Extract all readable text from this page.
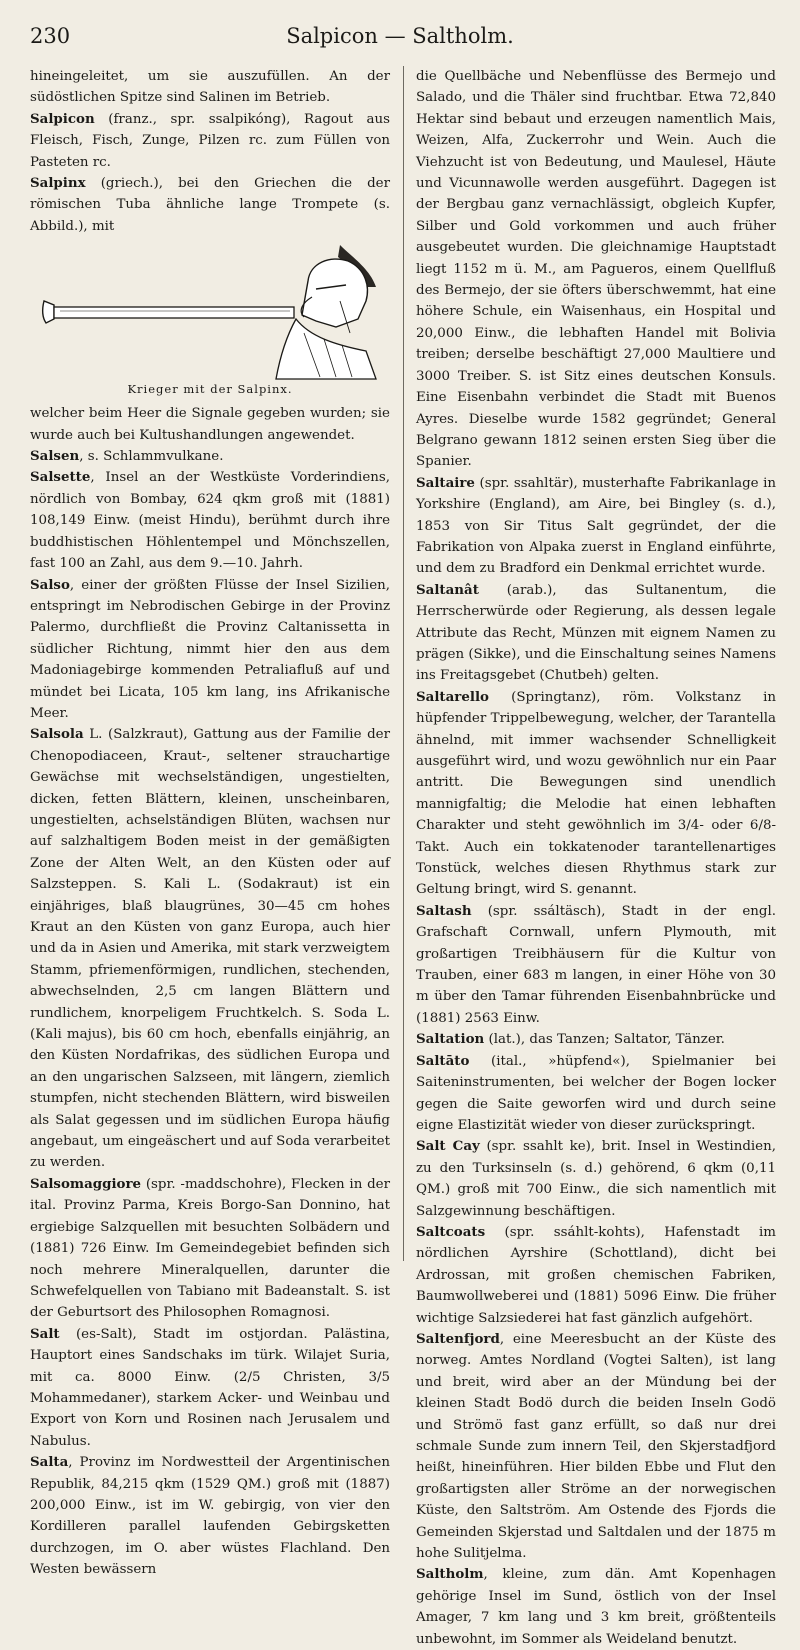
230	Salpicon — Saltholm.

hineingeleitet, um sie auszufüllen. An der südöstlichen Spitze sind Salinen im Betrieb.

Salpicon (franz., spr. ssalpikóng), Ragout aus Fleisch, Fisch, Zunge, Pilzen rc. zum Füllen von Pasteten rc.

Salpinx (griech.), bei den Griechen die der römischen Tuba ähnliche lange Trompete (s. Abbild.), mit

Krieger mit der Salpinx.

welcher beim Heer die Signale gegeben wurden; sie wurde auch bei Kultushandlungen angewendet.

Salsen, s. Schlammvulkane.

Salsette, Insel an der Westküste Vorderindiens, nördlich von Bombay, 624 qkm groß mit (1881) 108,149 Einw. (meist Hindu), berühmt durch ihre buddhistischen Höhlentempel und Mönchszellen, fast 100 an Zahl, aus dem 9.—10. Jahrh.

Salso, einer der größten Flüsse der Insel Sizilien, entspringt im Nebrodischen Gebirge in der Provinz Palermo, durchfließt die Provinz Caltanissetta in südlicher Richtung, nimmt hier den aus dem Madoniagebirge kommenden Petraliafluß auf und mündet bei Licata, 105 km lang, ins Afrikanische Meer.

Salsola L. (Salzkraut), Gattung aus der Familie der Chenopodiaceen, Kraut-, seltener strauchartige Gewächse mit wechselständigen, ungestielten, dicken, fetten Blättern, kleinen, unscheinbaren, ungestielten, achselständigen Blüten, wachsen nur auf salzhaltigem Boden meist in der gemäßigten Zone der Alten Welt, an den Küsten oder auf Salzsteppen. S. Kali L. (Sodakraut) ist ein einjähriges, blaß blaugrünes, 30—45 cm hohes Kraut an den Küsten von ganz Europa, auch hier und da in Asien und Amerika, mit stark verzweigtem Stamm, pfriemenförmigen, rundlichen, stechenden, abwechselnden, 2,5 cm langen Blättern und rundlichem, knorpeligem Fruchtkelch. S. Soda L. (Kali majus), bis 60 cm hoch, ebenfalls einjährig, an den Küsten Nordafrikas, des südlichen Europa und an den ungarischen Salzseen, mit längern, ziemlich stumpfen, nicht stechenden Blättern, wird bisweilen als Salat gegessen und im südlichen Europa häufig angebaut, um eingeäschert und auf Soda verarbeitet zu werden.

Salsomaggiore (spr. -maddschohre), Flecken in der ital. Provinz Parma, Kreis Borgo-San Donnino, hat ergiebige Salzquellen mit besuchten Solbädern und (1881) 726 Einw. Im Gemeindegebiet befinden sich noch mehrere Mineralquellen, darunter die Schwefelquellen von Tabiano mit Badeanstalt. S. ist der Geburtsort des Philosophen Romagnosi.

Salt (es-Salt), Stadt im ostjordan. Palästina, Hauptort eines Sandschaks im türk. Wilajet Suria, mit ca. 8000 Einw. (2/5 Christen, 3/5 Mohammedaner), starkem Acker- und Weinbau und Export von Korn und Rosinen nach Jerusalem und Nabulus.

Salta, Provinz im Nordwestteil der Argentinischen Republik, 84,215 qkm (1529 QM.) groß mit (1887) 200,000 Einw., ist im W. gebirgig, von vier den Kordilleren parallel laufenden Gebirgsketten durchzogen, im O. aber wüstes Flachland. Den Westen bewässern

die Quellbäche und Nebenflüsse des Bermejo und Salado, und die Thäler sind fruchtbar. Etwa 72,840 Hektar sind bebaut und erzeugen namentlich Mais, Weizen, Alfa, Zuckerrohr und Wein. Auch die Viehzucht ist von Bedeutung, und Maulesel, Häute und Vicunnawolle werden ausgeführt. Dagegen ist der Bergbau ganz vernachlässigt, obgleich Kupfer, Silber und Gold vorkommen und auch früher ausgebeutet wurden. Die gleichnamige Hauptstadt liegt 1152 m ü. M., am Pagueros, einem Quellfluß des Bermejo, der sie öfters überschwemmt, hat eine höhere Schule, ein Waisenhaus, ein Hospital und 20,000 Einw., die lebhaften Handel mit Bolivia treiben; derselbe beschäftigt 27,000 Maultiere und 3000 Treiber. S. ist Sitz eines deutschen Konsuls. Eine Eisenbahn verbindet die Stadt mit Buenos Ayres. Dieselbe wurde 1582 gegründet; General Belgrano gewann 1812 seinen ersten Sieg über die Spanier.

Saltaire (spr. ssahltär), musterhafte Fabrikanlage in Yorkshire (England), am Aire, bei Bingley (s. d.), 1853 von Sir Titus Salt gegründet, der die Fabrikation von Alpaka zuerst in England einführte, und dem zu Bradford ein Denkmal errichtet wurde.

Saltanât (arab.), das Sultanentum, die Herrscherwürde oder Regierung, als dessen legale Attribute das Recht, Münzen mit eignem Namen zu prägen (Sikke), und die Einschaltung seines Namens ins Freitagsgebet (Chutbeh) gelten.

Saltarello (Springtanz), röm. Volkstanz in hüpfender Trippelbewegung, welcher, der Tarantella ähnelnd, mit immer wachsender Schnelligkeit ausgeführt wird, und wozu gewöhnlich nur ein Paar antritt. Die Bewegungen sind unendlich mannigfaltig; die Melodie hat einen lebhaften Charakter und steht gewöhnlich im 3/4- oder 6/8-Takt. Auch ein tokkatenoder tarantellenartiges Tonstück, welches diesen Rhythmus stark zur Geltung bringt, wird S. genannt.

Saltash (spr. ssáltäsch), Stadt in der engl. Grafschaft Cornwall, unfern Plymouth, mit großartigen Treibhäusern für die Kultur von Trauben, einer 683 m langen, in einer Höhe von 30 m über den Tamar führenden Eisenbahnbrücke und (1881) 2563 Einw.

Saltation (lat.), das Tanzen; Saltator, Tänzer.

Saltāto (ital., »hüpfend«), Spielmanier bei Saiteninstrumenten, bei welcher der Bogen locker gegen die Saite geworfen wird und durch seine eigne Elastizität wieder von dieser zurückspringt.

Salt Cay (spr. ssahlt ke), brit. Insel in Westindien, zu den Turksinseln (s. d.) gehörend, 6 qkm (0,11 QM.) groß mit 700 Einw., die sich namentlich mit Salzgewinnung beschäftigen.

Saltcoats (spr. ssáhlt-kohts), Hafenstadt im nördlichen Ayrshire (Schottland), dicht bei Ardrossan, mit großen chemischen Fabriken, Baumwollweberei und (1881) 5096 Einw. Die früher wichtige Salzsiederei hat fast gänzlich aufgehört.

Saltenfjord, eine Meeresbucht an der Küste des norweg. Amtes Nordland (Vogtei Salten), ist lang und breit, wird aber an der Mündung bei der kleinen Stadt Bodö durch die beiden Inseln Godö und Strömö fast ganz erfüllt, so daß nur drei schmale Sunde zum innern Teil, den Skjerstadfjord heißt, hineinführen. Hier bilden Ebbe und Flut den großartigsten aller Ströme an der norwegischen Küste, den Saltström. Am Ostende des Fjords die Gemeinden Skjerstad und Saltdalen und der 1875 m hohe Sulitjelma.

Saltholm, kleine, zum dän. Amt Kopenhagen gehörige Insel im Sund, östlich von der Insel Amager, 7 km lang und 3 km breit, größtenteils unbewohnt, im Sommer als Weideland benutzt.
